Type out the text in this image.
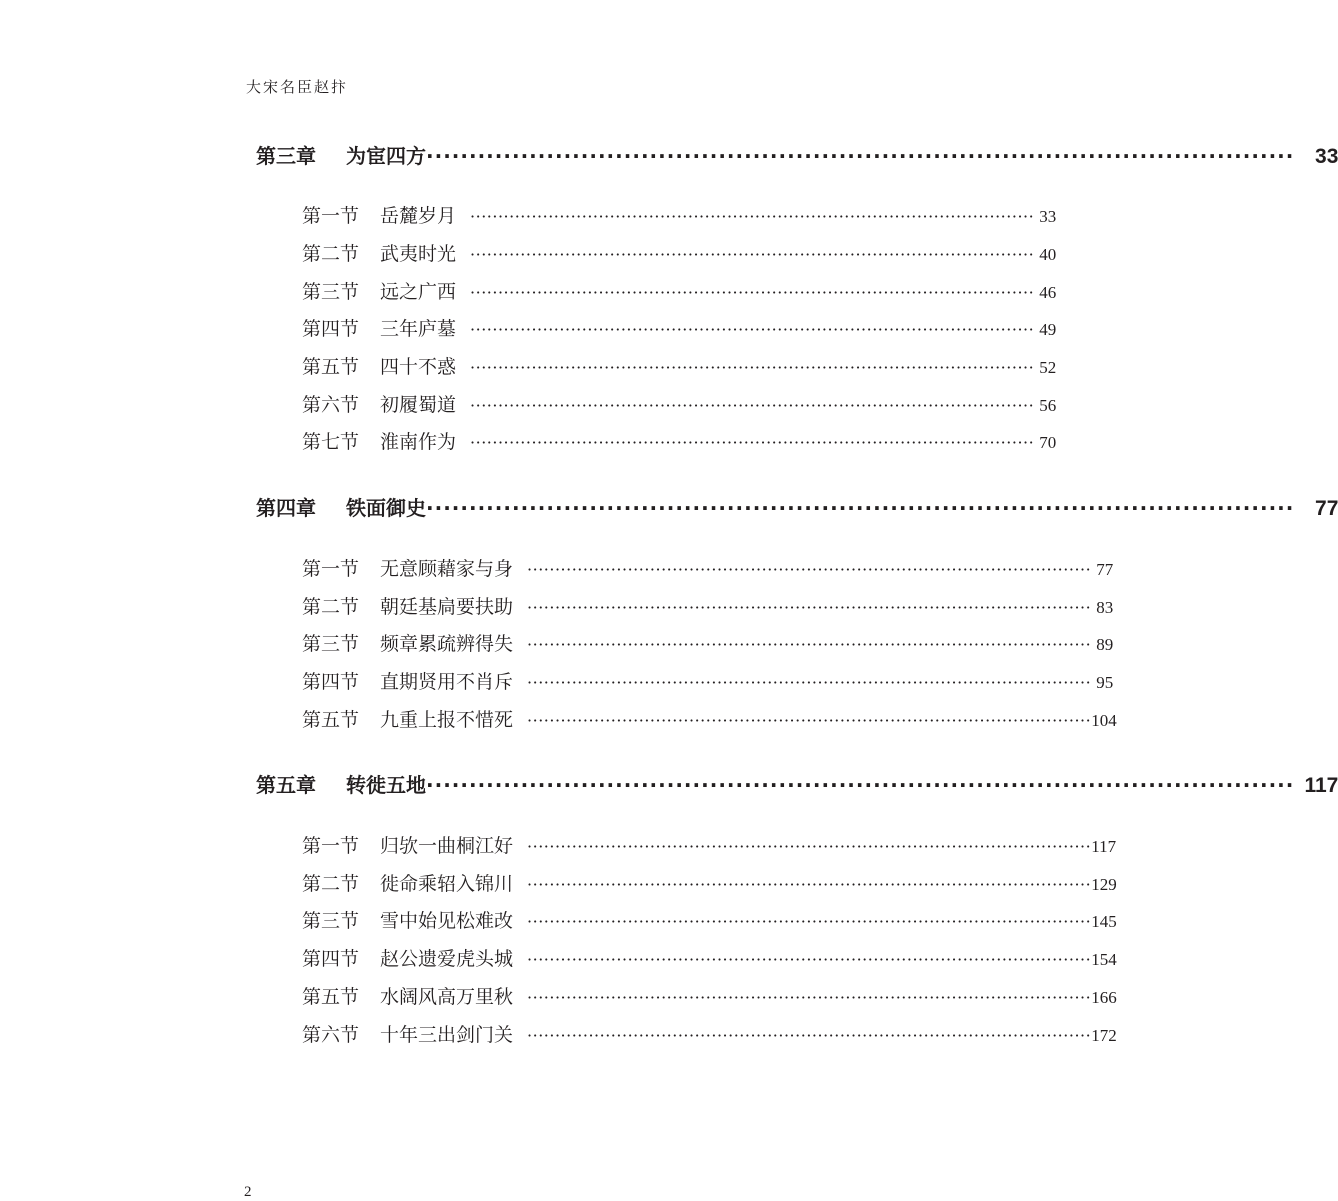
大宋名臣赵抃
第三章	为宦四方 ····································································································· 33
第一节	岳麓岁月 ····································································································· 33
第二节	武夷时光 ····································································································· 40
第三节	远之广西 ····································································································· 46
第四节	三年庐墓 ····································································································· 49
第五节	四十不惑 ····································································································· 52
第六节	初履蜀道 ····································································································· 56
第七节	淮南作为 ····································································································· 70
第四章	铁面御史 ····································································································· 77
第一节	无意顾藉家与身 ····································································································· 77
第二节	朝廷基扃要扶助 ····································································································· 83
第三节	频章累疏辨得失 ····································································································· 89
第四节	直期贤用不肖斥 ····································································································· 95
第五节	九重上报不惜死 ····································································································· 104
第五章	转徙五地 ····································································································· 117
第一节	归欤一曲桐江好 ····································································································· 117
第二节	徙命乘轺入锦川 ····································································································· 129
第三节	雪中始见松难改 ····································································································· 145
第四节	赵公遗爱虎头城 ····································································································· 154
第五节	水阔风高万里秋 ····································································································· 166
第六节	十年三出剑门关 ····································································································· 172
2
